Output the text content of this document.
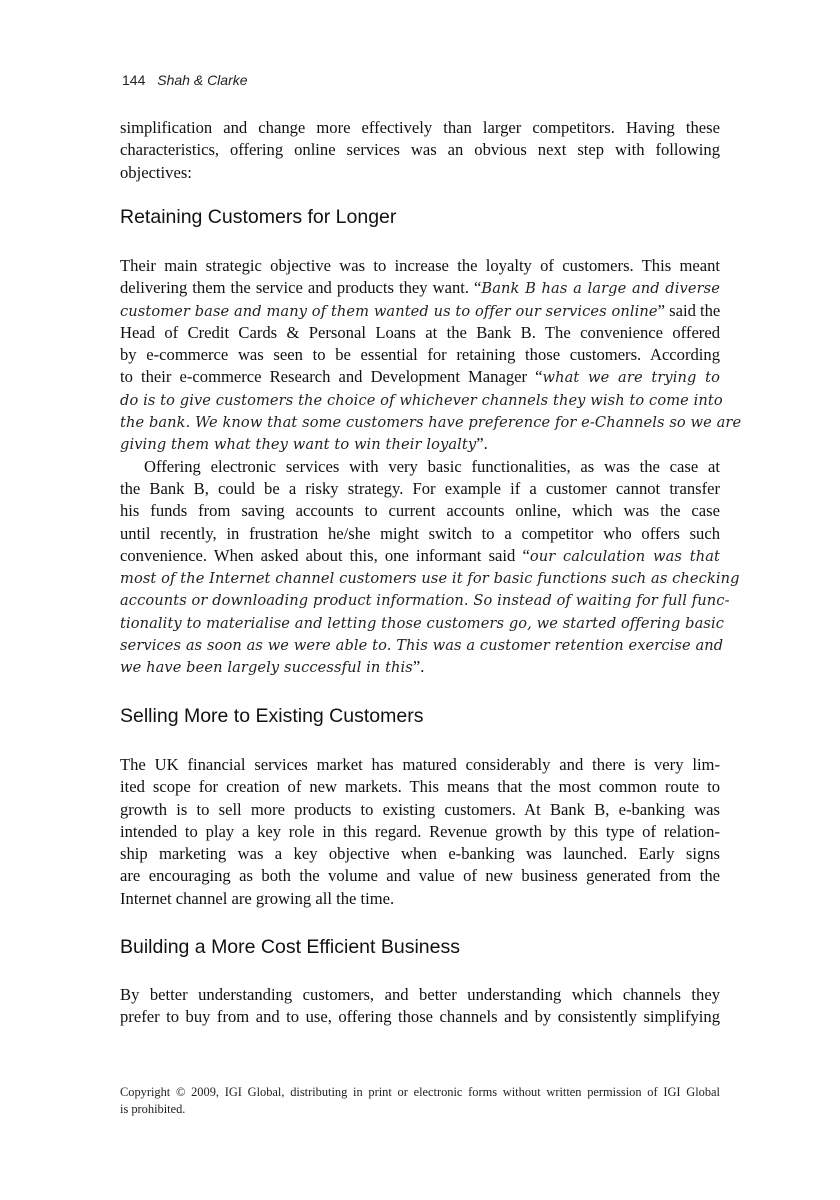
144 Shah & Clarke
simplification and change more effectively than larger competitors. Having these
characteristics, offering online services was an obvious next step with following
objectives:
Retaining Customers for Longer
Their main strategic objective was to increase the loyalty of customers. This meant
delivering them the service and products they want. “Bank B has a large and diverse
customer base and many of them wanted us to offer our services online” said the
Head of Credit Cards & Personal Loans at the Bank B. The convenience offered
by e-commerce was seen to be essential for retaining those customers. According
to their e-commerce Research and Development Manager “what we are trying to
do is to give customers the choice of whichever channels they wish to come into
the bank. We know that some customers have preference for e-Channels so we are
giving them what they want to win their loyalty”.
Offering electronic services with very basic functionalities, as was the case at
the Bank B, could be a risky strategy. For example if a customer cannot transfer
his funds from saving accounts to current accounts online, which was the case
until recently, in frustration he/she might switch to a competitor who offers such
convenience. When asked about this, one informant said “our calculation was that
most of the Internet channel customers use it for basic functions such as checking
accounts or downloading product information. So instead of waiting for full func-
tionality to materialise and letting those customers go, we started offering basic
services as soon as we were able to. This was a customer retention exercise and
we have been largely successful in this”.
Selling More to Existing Customers
The UK financial services market has matured considerably and there is very lim-
ited scope for creation of new markets. This means that the most common route to
growth is to sell more products to existing customers. At Bank B, e-banking was
intended to play a key role in this regard. Revenue growth by this type of relation-
ship marketing was a key objective when e-banking was launched. Early signs
are encouraging as both the volume and value of new business generated from the
Internet channel are growing all the time.
Building a More Cost Efficient Business
By better understanding customers, and better understanding which channels they
prefer to buy from and to use, offering those channels and by consistently simplifying
Copyright © 2009, IGI Global, distributing in print or electronic forms without written permission of IGI Global
is prohibited.
